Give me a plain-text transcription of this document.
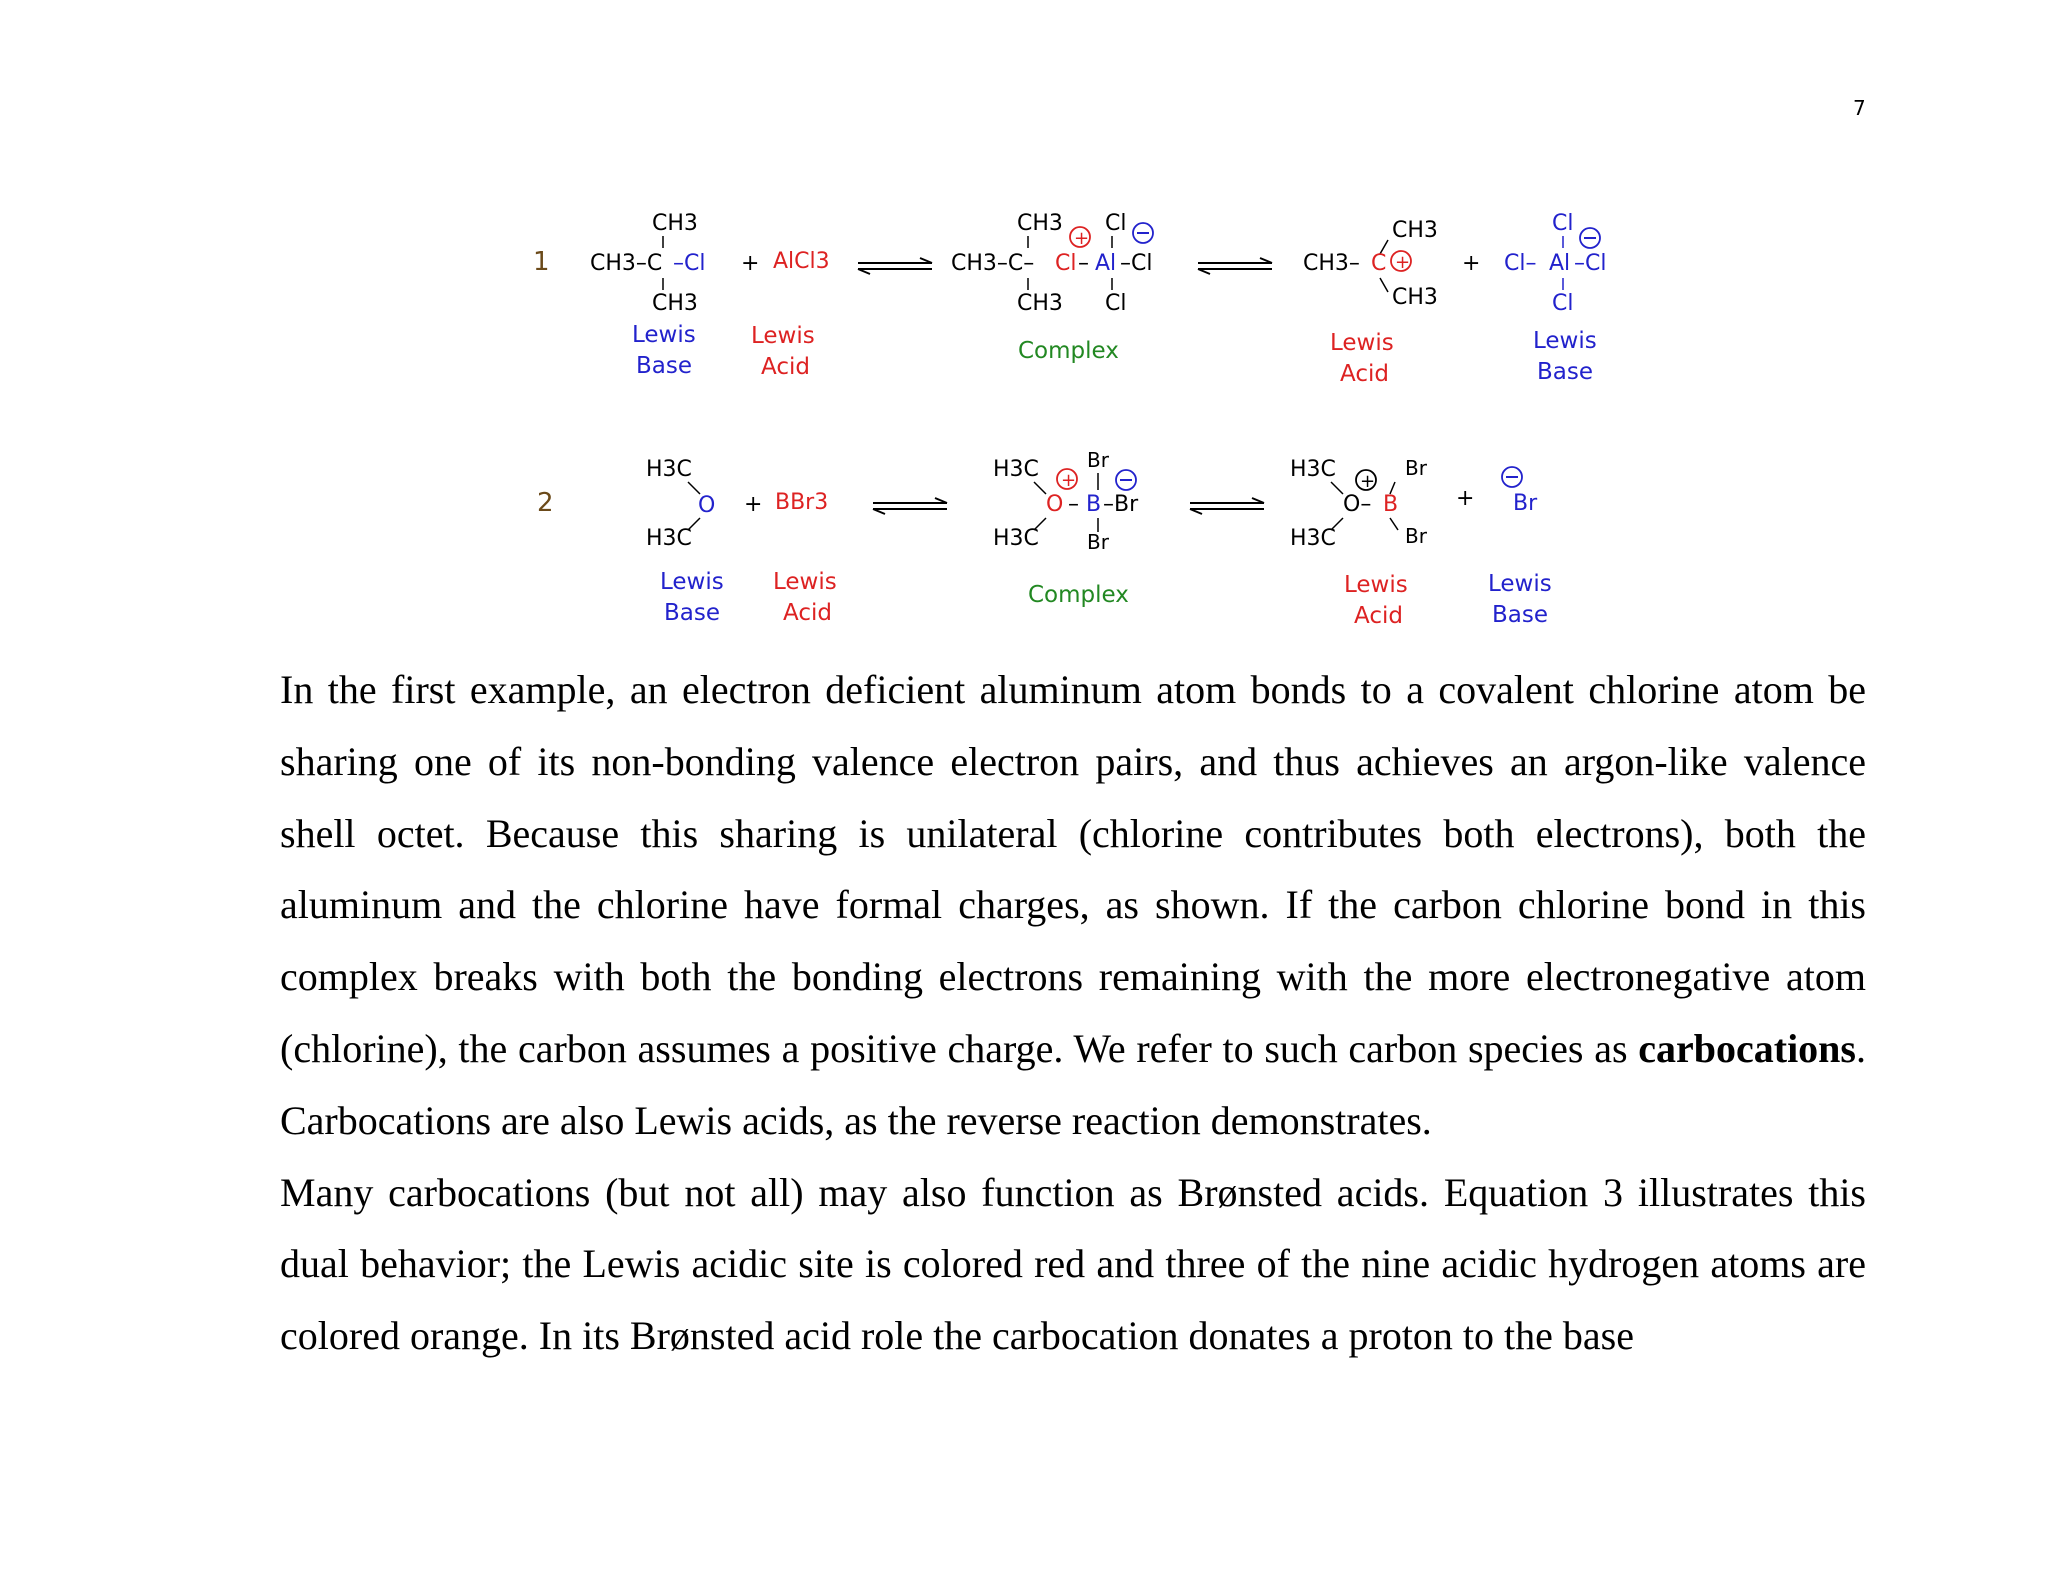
7
1
CH3
CH3–C –Cl
CH3
Lewis
Base
+ AlCl3
Lewis
Acid
CH3
+
Cl
CH3–C– Cl – Al –Cl
CH3 Cl
Complex
CH3
CH3– C +
CH3
Lewis
Acid
+
Cl
Cl– Al –Cl
Cl
Lewis
Base
2
H3C
O
H3C
Lewis
Base
+ BBr3
Lewis
Acid
H3C +
Br
O – B –Br
H3C Br
Complex
H3C +
Br
O– B
H3C	Br
Lewis
Acid
+ Br
Lewis
Base

In the first example, an electron deficient aluminum atom bonds to a covalent chlorine atom be sharing one of its non-bonding valence electron pairs, and thus achieves an argon-like valence shell octet. Because this sharing is unilateral (chlorine contributes both electrons), both the aluminum and the chlorine have formal charges, as shown. If the carbon chlorine bond in this complex breaks with both the bonding electrons remaining with the more electronegative atom (chlorine), the carbon assumes a positive charge. We refer to such carbon species as carbocations. Carbocations are also Lewis acids, as the reverse reaction demonstrates.

Many carbocations (but not all) may also function as Brønsted acids. Equation 3 illustrates this dual behavior; the Lewis acidic site is colored red and three of the nine acidic hydrogen atoms are colored orange. In its Brønsted acid role the carbocation donates a proton to the base
